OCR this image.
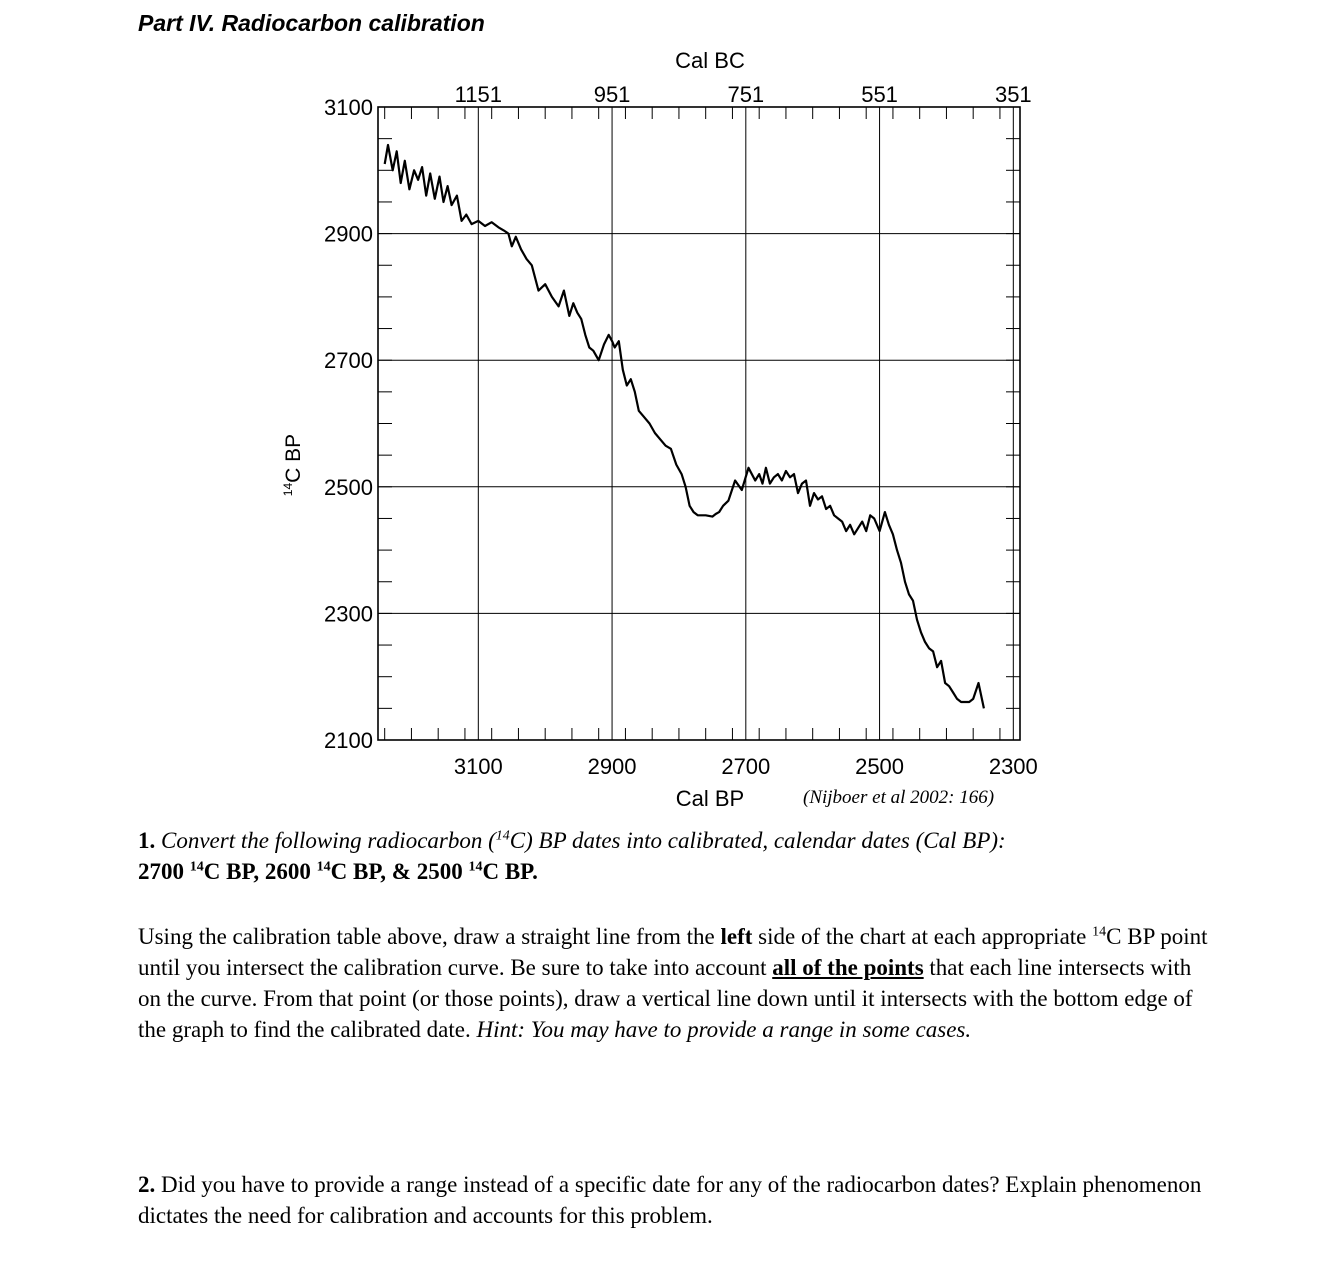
Part IV. Radiocarbon calibration
3100
2900
2700
2500
2300
2100
3100	2900	2700	2500	2300
1151	951	751	551	351
Cal BC
Cal BP	(Nijboer et al 2002: 166)
$^{14}$C BP
1. Convert the following radiocarbon ($^{14}$C) BP dates into calibrated, calendar dates (Cal BP):
2700 $^{14}$C BP, 2600 $^{14}$C BP, & 2500 $^{14}$C BP.
Using the calibration table above, draw a straight line from the left side of the chart at each appropriate $^{14}$C BP point until you intersect the calibration curve. Be sure to take into account all of the points that each line intersects with on the curve. From that point (or those points), draw a vertical line down until it intersects with the bottom edge of the graph to find the calibrated date. Hint: You may have to provide a range in some cases.
2. Did you have to provide a range instead of a specific date for any of the radiocarbon dates? Explain phenomenon dictates the need for calibration and accounts for this problem.
